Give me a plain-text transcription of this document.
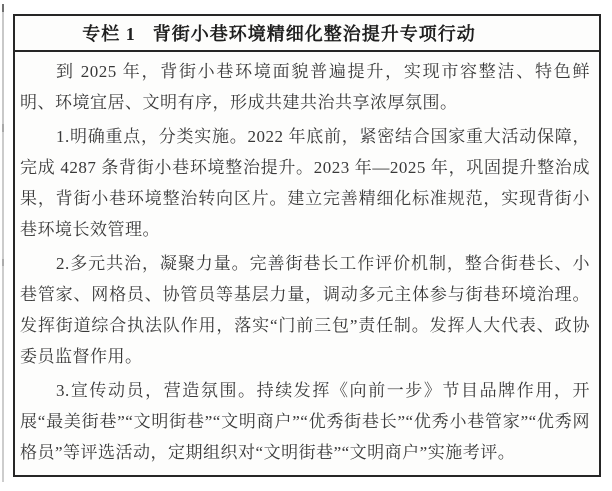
专栏 1 背街小巷环境精细化整治提升专项行动

到 2025 年，背街小巷环境面貌普遍提升，实现市容整洁、特色鲜明、环境宜居、文明有序，形成共建共治共享浓厚氛围。

1.明确重点，分类实施。2022 年底前，紧密结合国家重大活动保障，完成 4287 条背街小巷环境整治提升。2023 年—2025 年，巩固提升整治成果，背街小巷环境整治转向区片。建立完善精细化标准规范，实现背街小巷环境长效管理。

2.多元共治，凝聚力量。完善街巷长工作评价机制，整合街巷长、小巷管家、网格员、协管员等基层力量，调动多元主体参与街巷环境治理。发挥街道综合执法队作用，落实“门前三包”责任制。发挥人大代表、政协委员监督作用。

3.宣传动员，营造氛围。持续发挥《向前一步》节目品牌作用，开展“最美街巷”“文明街巷”“文明商户”“优秀街巷长”“优秀小巷管家”“优秀网格员”等评选活动，定期组织对“文明街巷”“文明商户”实施考评。
